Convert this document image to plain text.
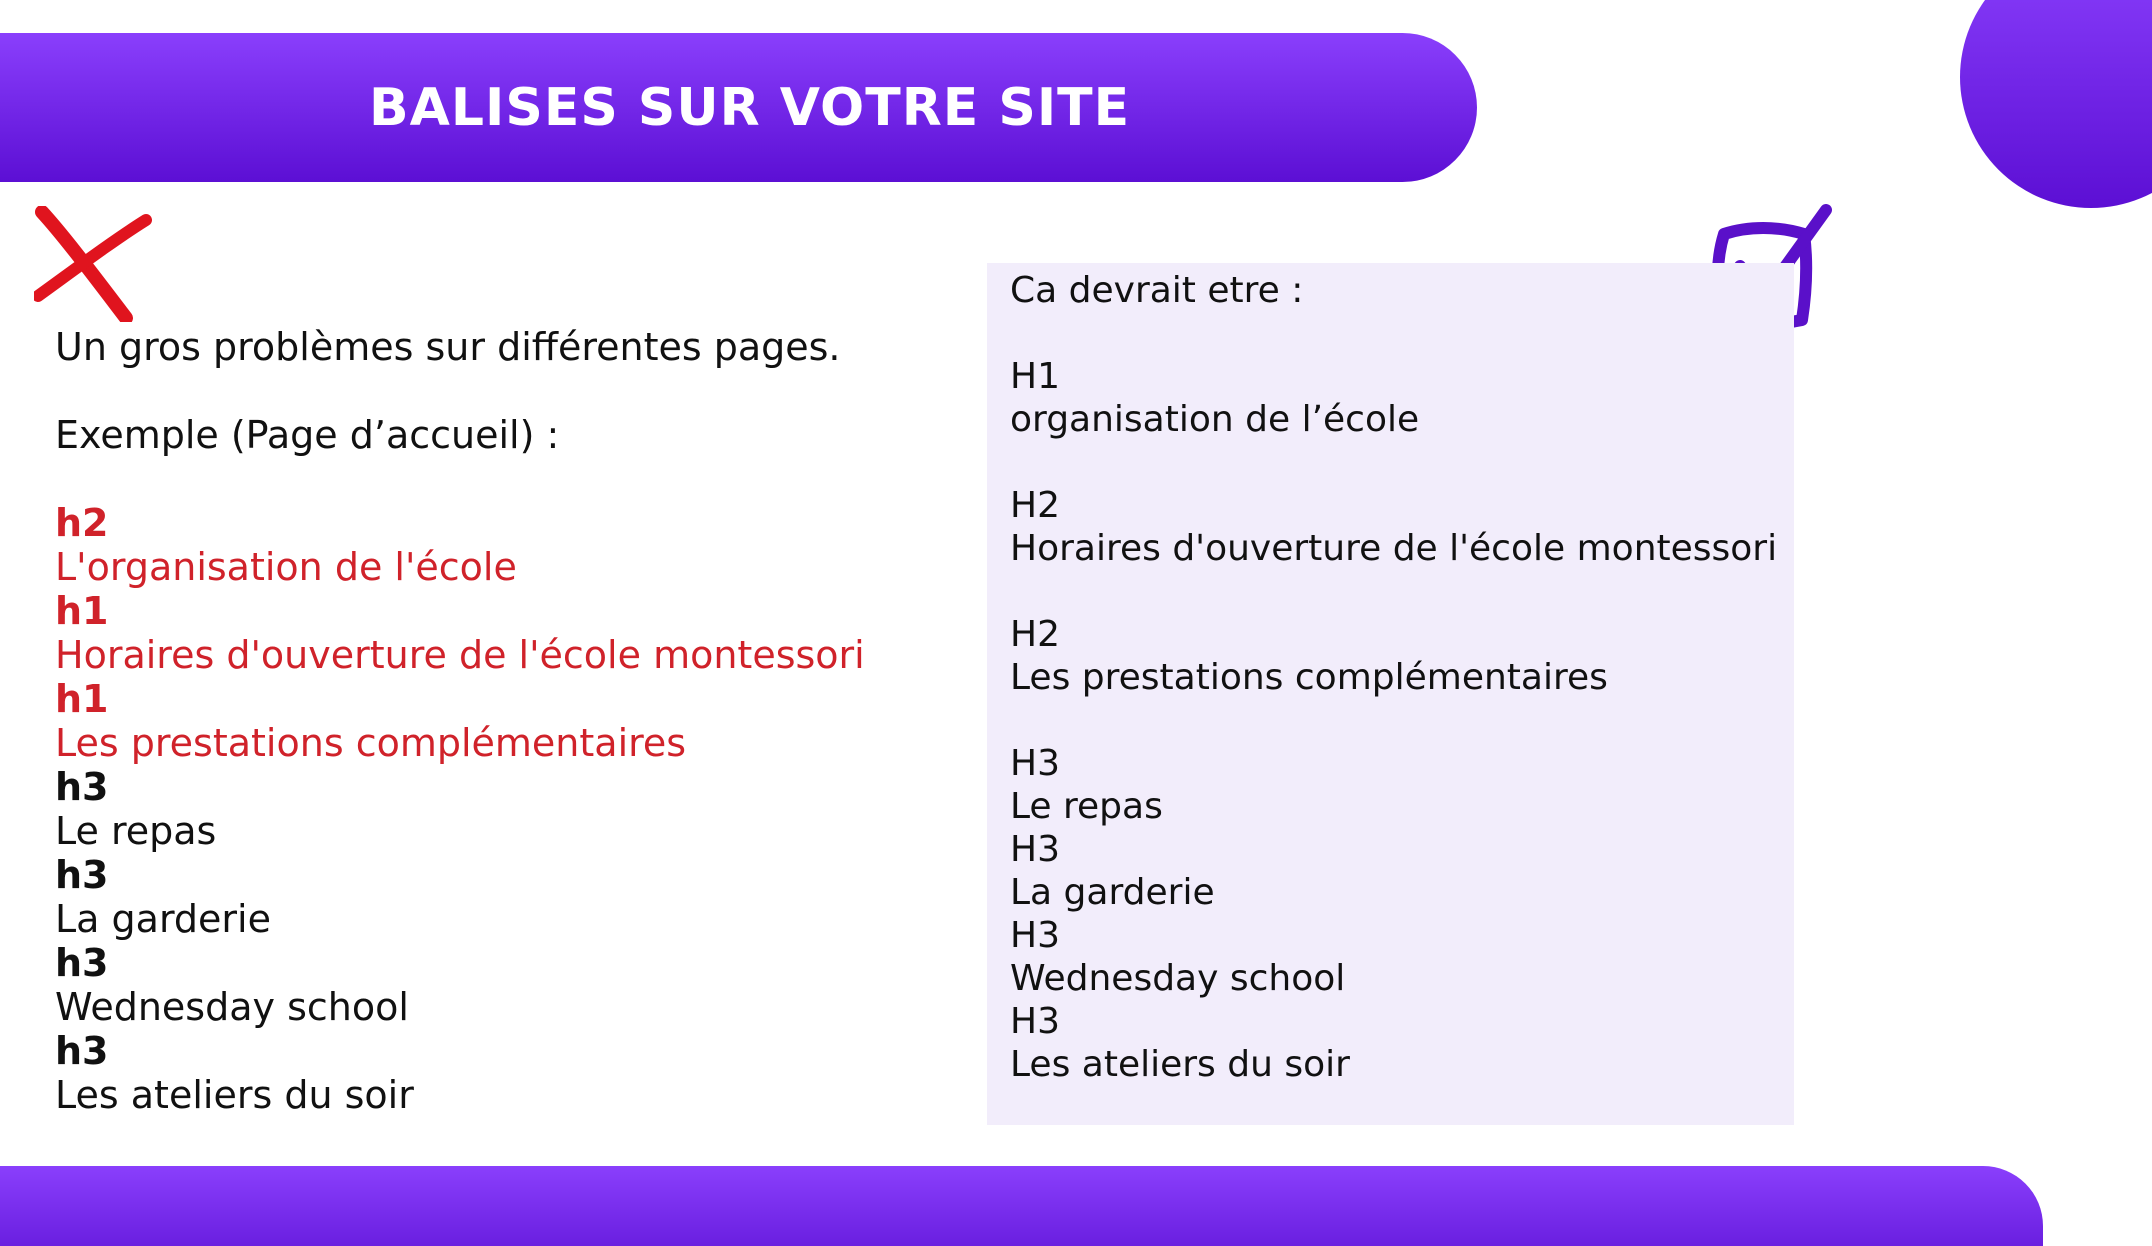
BALISES SUR VOTRE SITE
Un gros problèmes sur différentes pages.
Exemple (Page d’accueil) :
h2
L'organisation de l'école
h1
Horaires d'ouverture de l'école montessori
h1
Les prestations complémentaires
h3
Le repas
h3
La garderie
h3
Wednesday school
h3
Les ateliers du soir
Ca devrait etre :
H1
organisation de l’école
H2
Horaires d'ouverture de l'école montessori
H2
Les prestations complémentaires
H3
Le repas
H3
La garderie
H3
Wednesday school
H3
Les ateliers du soir
